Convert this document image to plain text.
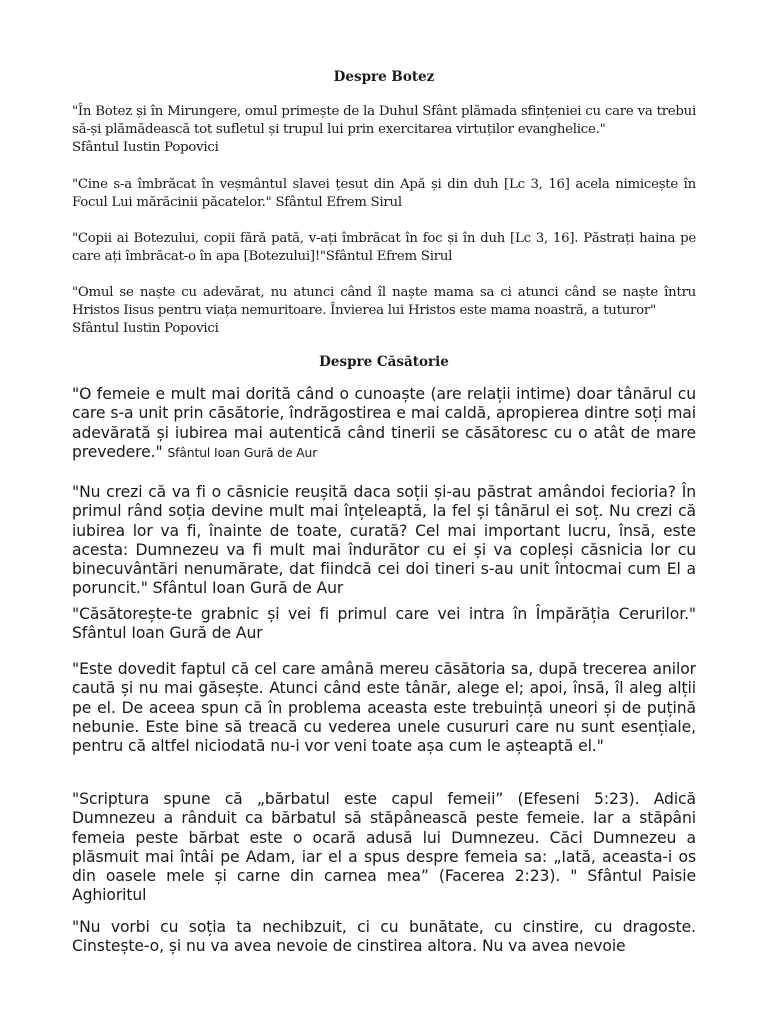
Despre Botez

"În Botez și în Mirungere, omul primește de la Duhul Sfânt plămada sfințeniei cu care va trebui să-și plămădească tot sufletul și trupul lui prin exercitarea virtuților evanghelice."
Sfântul Iustin Popovici

"Cine s-a îmbrăcat în veșmântul slavei țesut din Apă și din duh [Lc 3, 16] acela nimicește în Focul Lui mărăcinii păcatelor." Sfântul Efrem Sirul

"Copii ai Botezului, copii fără pată, v-ați îmbrăcat în foc și în duh [Lc 3, 16]. Păstrați haina pe care ați îmbrăcat-o în apa [Botezului]!"Sfântul Efrem Sirul

"Omul se naște cu adevărat, nu atunci când îl naște mama sa ci atunci când se naște întru Hristos Iisus pentru viața nemuritoare. Învierea lui Hristos este mama noastră, a tuturor"
Sfântul Iustin Popovici

Despre Căsătorie

"O femeie e mult mai dorită când o cunoaște (are relații intime) doar tânărul cu care s-a unit prin căsătorie, îndrăgostirea e mai caldă, apropierea dintre soți mai adevărată și iubirea mai autentică când tinerii se căsătoresc cu o atât de mare prevedere." Sfântul Ioan Gură de Aur

"Nu crezi că va fi o căsnicie reușită daca soții și-au păstrat amândoi fecioria? În primul rând soția devine mult mai înțeleaptă, la fel și tânărul ei soț. Nu crezi că iubirea lor va fi, înainte de toate, curată? Cel mai important lucru, însă, este acesta: Dumnezeu va fi mult mai îndurător cu ei și va copleși căsnicia lor cu binecuvântări nenumărate, dat fiindcă cei doi tineri s-au unit întocmai cum El a poruncit." Sfântul Ioan Gură de Aur

"Căsătorește-te grabnic și vei fi primul care vei intra în Împărăția Cerurilor." Sfântul Ioan Gură de Aur

"Este dovedit faptul că cel care amână mereu căsătoria sa, după trecerea anilor caută și nu mai găsește. Atunci când este tânăr, alege el; apoi, însă, îl aleg alții pe el. De aceea spun că în problema aceasta este trebuință uneori și de puțină nebunie. Este bine să treacă cu vederea unele cusururi care nu sunt esențiale, pentru că altfel niciodată nu-i vor veni toate așa cum le așteaptă el."

"Scriptura spune că „bărbatul este capul femeii” (Efeseni 5:23). Adică Dumnezeu a rânduit ca bărbatul să stăpânească peste femeie. Iar a stăpâni femeia peste bărbat este o ocară adusă lui Dumnezeu. Căci Dumnezeu a plăsmuit mai întâi pe Adam, iar el a spus despre femeia sa: „Iată, aceasta-i os din oasele mele și carne din carnea mea” (Facerea 2:23). " Sfântul Paisie Aghioritul

"Nu vorbi cu soția ta nechibzuit, ci cu bunătate, cu cinstire, cu dragoste. Cinstește-o, și nu va avea nevoie de cinstirea altora. Nu va avea nevoie
